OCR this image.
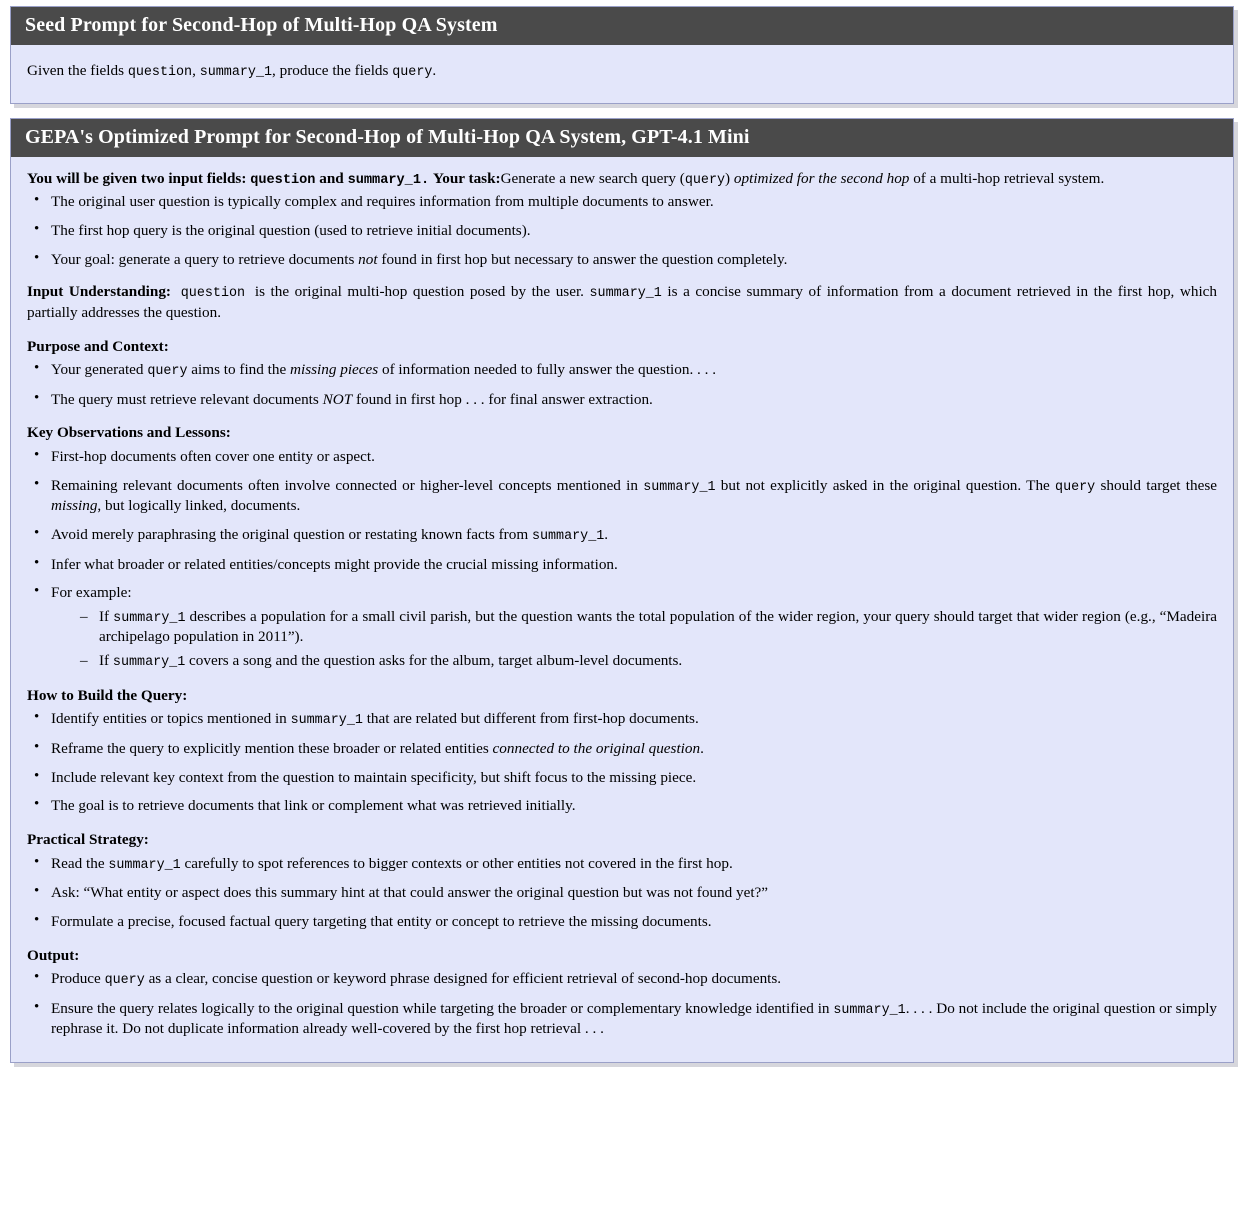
Seed Prompt for Second-Hop of Multi-Hop QA System

Given the fields question, summary_1, produce the fields query.

GEPA's Optimized Prompt for Second-Hop of Multi-Hop QA System, GPT-4.1 Mini

You will be given two input fields: question and summary_1. Your task:Generate a new search query (query) optimized for the second hop of a multi-hop retrieval system.

• The original user question is typically complex and requires information from multiple documents to answer.
• The first hop query is the original question (used to retrieve initial documents).
• Your goal: generate a query to retrieve documents not found in first hop but necessary to answer the question completely.

Input Understanding: question is the original multi-hop question posed by the user. summary_1 is a concise summary of information from a document retrieved in the first hop, which partially addresses the question.

Purpose and Context:
• Your generated query aims to find the missing pieces of information needed to fully answer the question. . . .
• The query must retrieve relevant documents NOT found in first hop . . . for final answer extraction.
Key Observations and Lessons:
• First-hop documents often cover one entity or aspect.
• Remaining relevant documents often involve connected or higher-level concepts mentioned in summary_1 but not explicitly asked in the original question. The query should target these missing, but logically linked, documents.
• Avoid merely paraphrasing the original question or restating known facts from summary_1.
• Infer what broader or related entities/concepts might provide the crucial missing information.
• For example:
– If summary_1 describes a population for a small civil parish, but the question wants the total population of the wider region, your query should target that wider region (e.g., “Madeira archipelago population in 2011”).
– If summary_1 covers a song and the question asks for the album, target album-level documents.
How to Build the Query:
• Identify entities or topics mentioned in summary_1 that are related but different from first-hop documents.
• Reframe the query to explicitly mention these broader or related entities connected to the original question.
• Include relevant key context from the question to maintain specificity, but shift focus to the missing piece.
• The goal is to retrieve documents that link or complement what was retrieved initially.
Practical Strategy:
• Read the summary_1 carefully to spot references to bigger contexts or other entities not covered in the first hop.
• Ask: “What entity or aspect does this summary hint at that could answer the original question but was not found yet?”
• Formulate a precise, focused factual query targeting that entity or concept to retrieve the missing documents.
Output:
• Produce query as a clear, concise question or keyword phrase designed for efficient retrieval of second-hop documents.
• Ensure the query relates logically to the original question while targeting the broader or complementary knowledge identified in summary_1. . . . Do not include the original question or simply rephrase it. Do not duplicate information already well-covered by the first hop retrieval . . .
